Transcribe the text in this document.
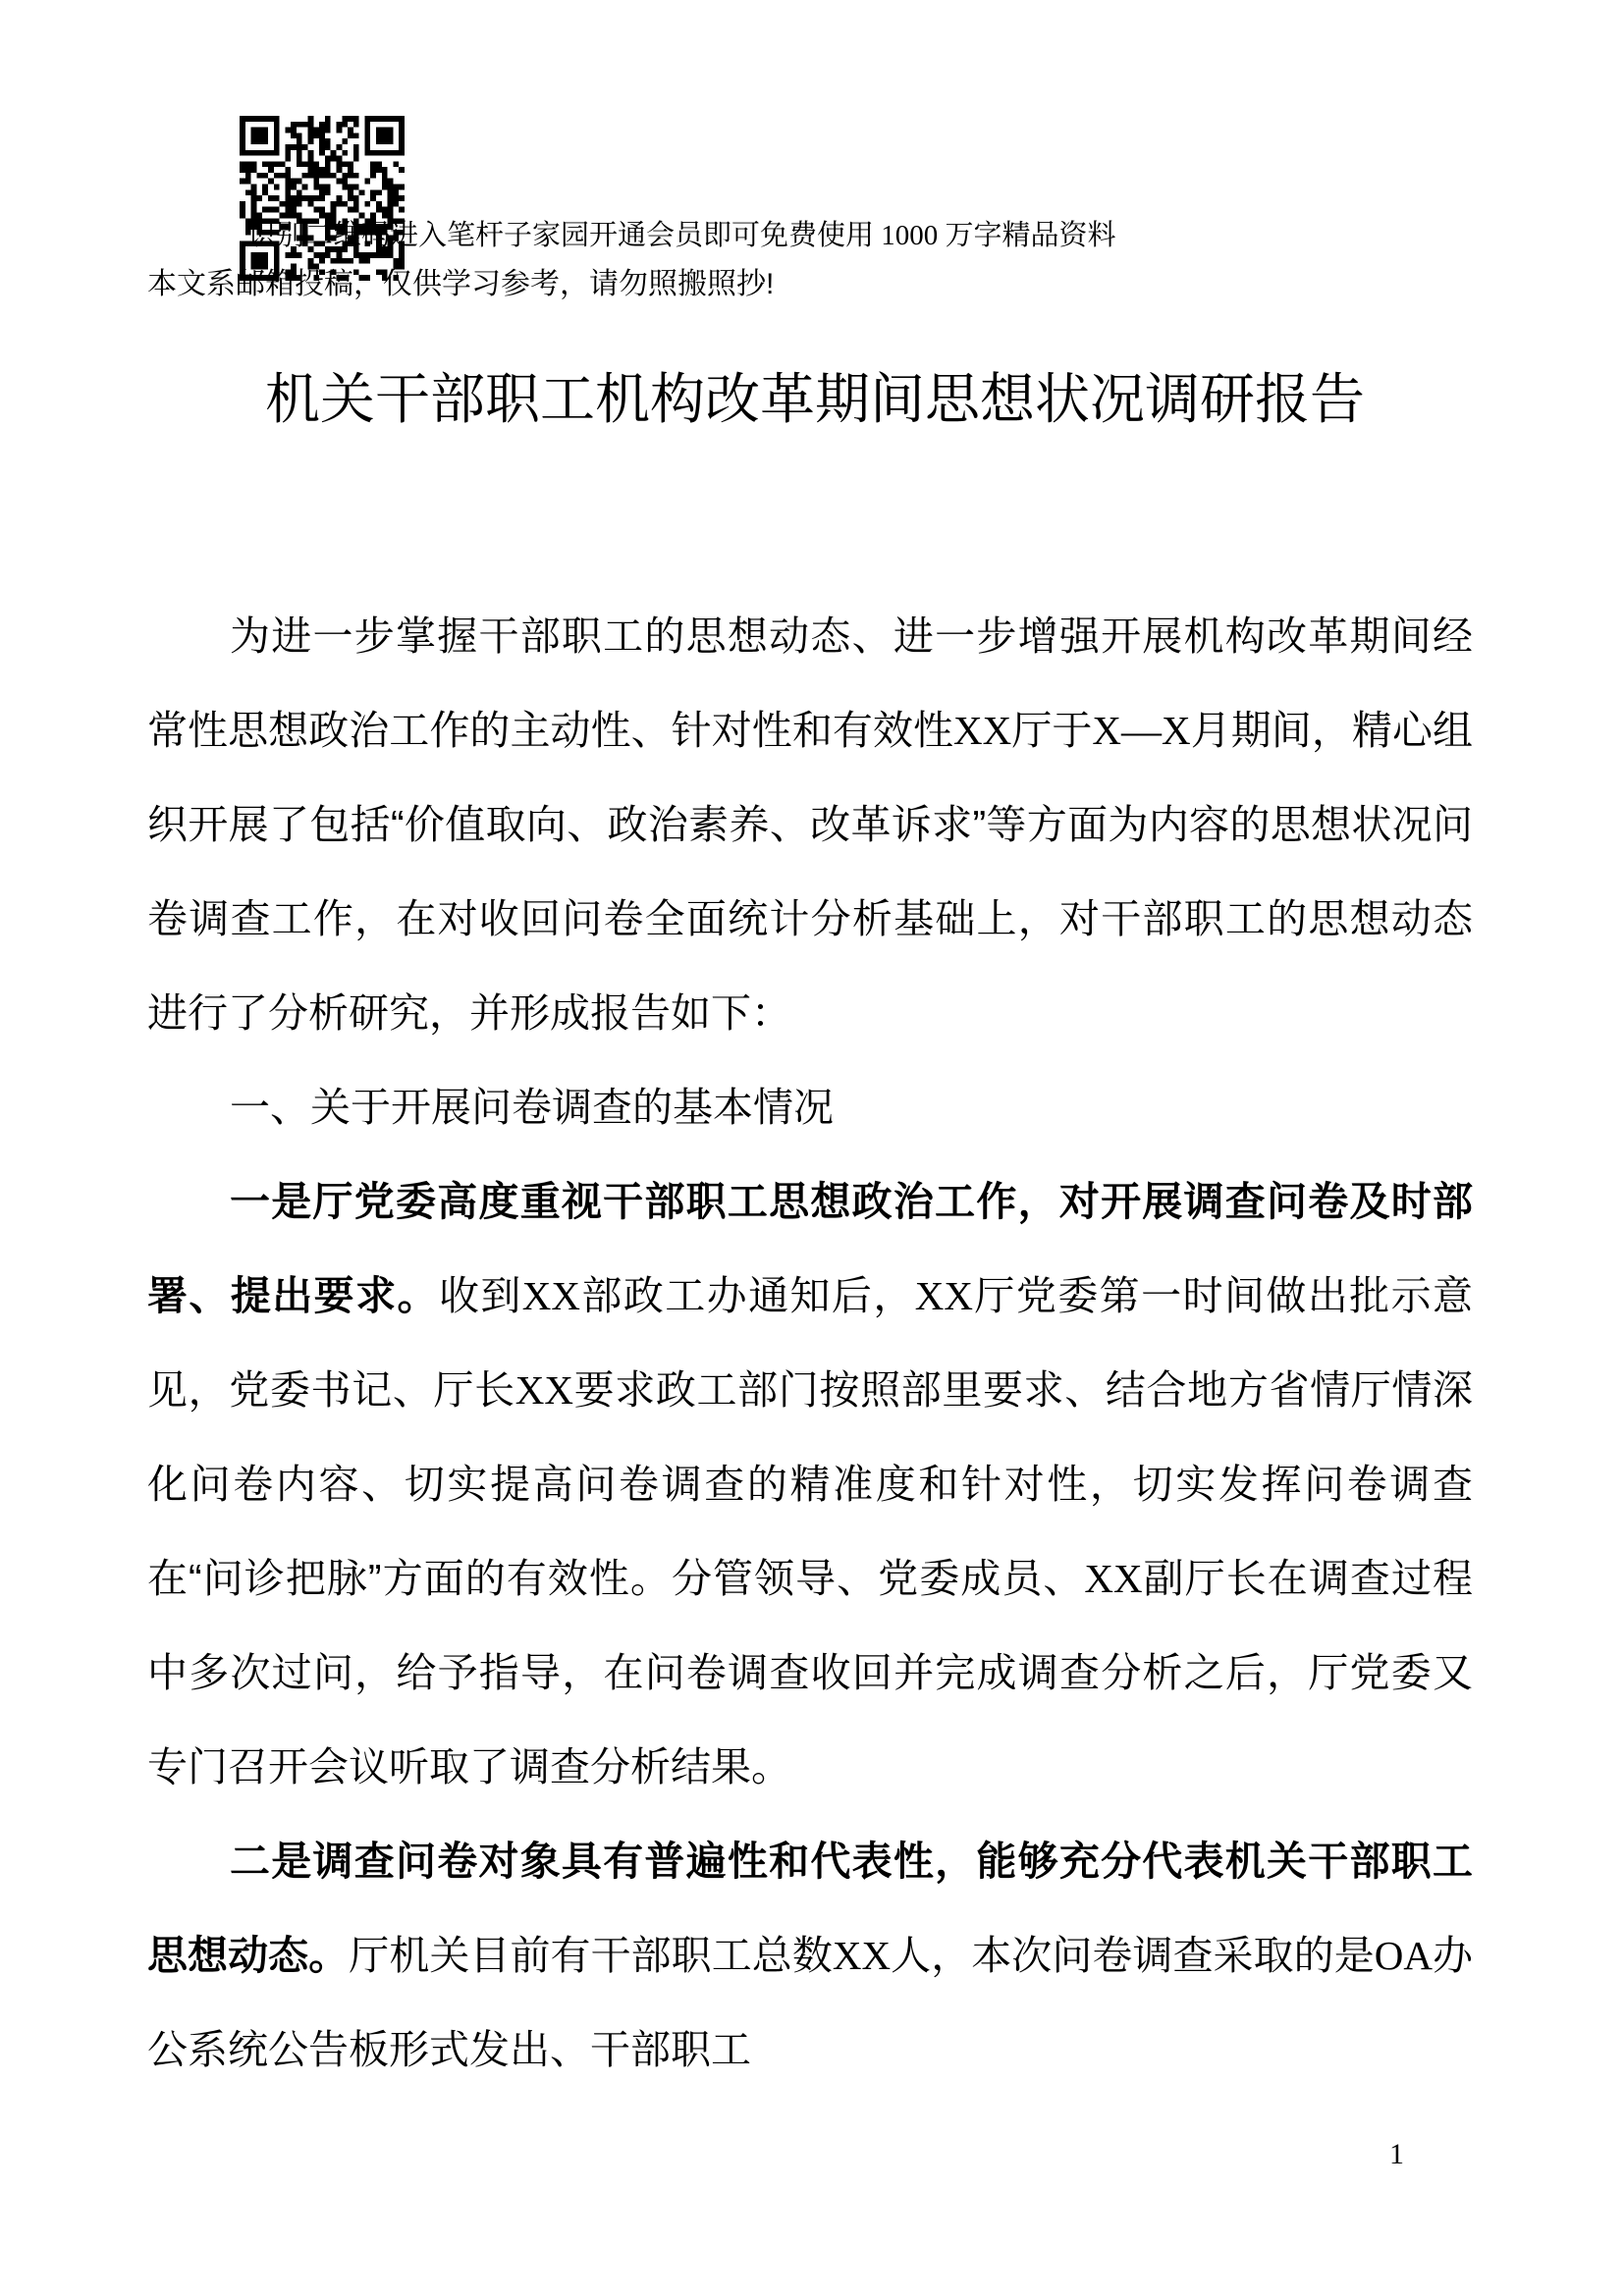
识别二维码进入笔杆子家园开通会员即可免费使用 1000 万字精品资料
本文系邮箱投稿，仅供学习参考，请勿照搬照抄!
机关干部职工机构改革期间思想状况调研报告

为进一步掌握干部职工的思想动态、进一步增强开展机构改革期间经常性思想政治工作的主动性、针对性和有效性XX厅于X—X月期间，精心组织开展了包括“价值取向、政治素养、改革诉求”等方面为内容的思想状况问卷调查工作，在对收回问卷全面统计分析基础上，对干部职工的思想动态进行了分析研究，并形成报告如下：

一、关于开展问卷调查的基本情况

一是厅党委高度重视干部职工思想政治工作，对开展调查问卷及时部署、提出要求。收到XX部政工办通知后，XX厅党委第一时间做出批示意见，党委书记、厅长XX要求政工部门按照部里要求、结合地方省情厅情深化问卷内容、切实提高问卷调查的精准度和针对性，切实发挥问卷调查在“问诊把脉”方面的有效性。分管领导、党委成员、XX副厅长在调查过程中多次过问，给予指导，在问卷调查收回并完成调查分析之后，厅党委又专门召开会议听取了调查分析结果。

二是调查问卷对象具有普遍性和代表性，能够充分代表机关干部职工思想动态。厅机关目前有干部职工总数XX人，本次问卷调查采取的是OA办公系统公告板形式发出、干部职工

1
